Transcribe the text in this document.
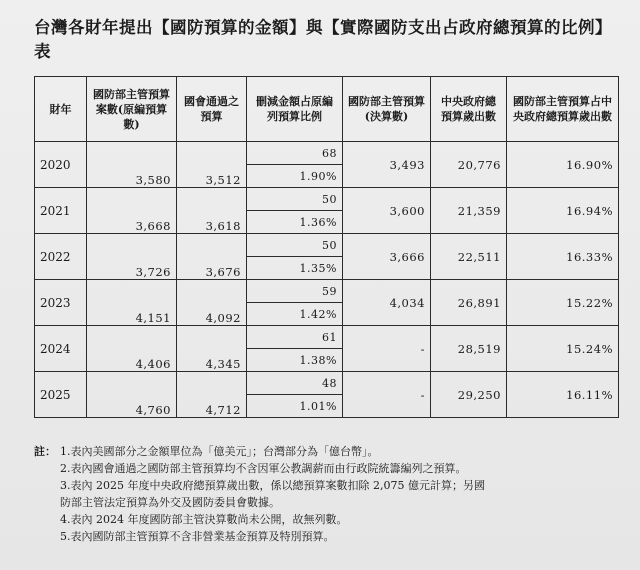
台灣各財年提出【國防預算的金額】與【實際國防支出占政府總預算的比例】表
財年	國防部主管預算案數(原編預算數)	國會通過之預算	刪減金額占原編列預算比例	國防部主管預算(決算數)	中央政府總預算歲出數	國防部主管預算占中央政府總預算歲出數
2020	3,580	3,512	68	3,493	20,776	16.90%
			1.90%			
2021	3,668	3,618	50	3,600	21,359	16.94%
			1.36%			
2022	3,726	3,676	50	3,666	22,511	16.33%
			1.35%			
2023	4,151	4,092	59	4,034	26,891	15.22%
			1.42%			
2024	4,406	4,345	61	-	28,519	15.24%
			1.38%			
2025	4,760	4,712	48	-	29,250	16.11%
			1.01%			
註： 1.表內美國部分之金額單位為「億美元」；台灣部分為「億台幣」。
2.表內國會通過之國防部主管預算均不含因軍公教調薪而由行政院統籌編列之預算。
3.表內 2025 年度中央政府總預算歲出數，係以總預算案數扣除 2,075 億元計算；另國
防部主管法定預算為外交及國防委員會數據。
4.表內 2024 年度國防部主管決算數尚未公開，故無列數。
5.表內國防部主管預算不含非營業基金預算及特別預算。
